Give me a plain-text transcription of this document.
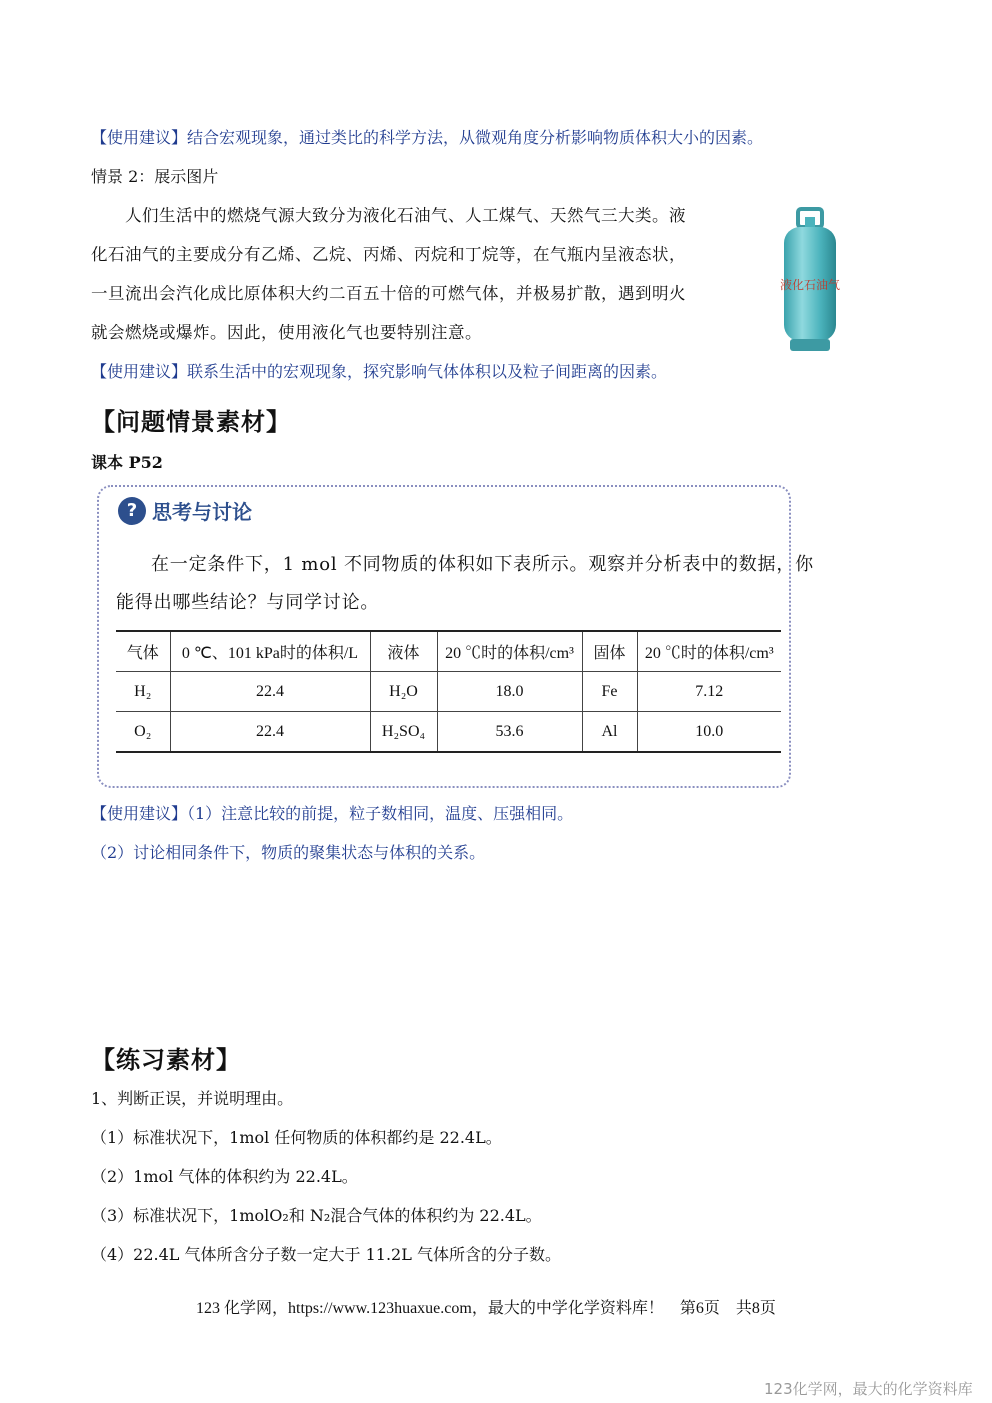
【使用建议】结合宏观现象，通过类比的科学方法，从微观角度分析影响物质体积大小的因素。
情景 2：展示图片
人们生活中的燃烧气源大致分为液化石油气、人工煤气、天然气三大类。液
化石油气的主要成分有乙烯、乙烷、丙烯、丙烷和丁烷等，在气瓶内呈液态状，
一旦流出会汽化成比原体积大约二百五十倍的可燃气体，并极易扩散，遇到明火
就会燃烧或爆炸。因此，使用液化气也要特别注意。
液化石油气
【使用建议】联系生活中的宏观现象，探究影响气体体积以及粒子间距离的因素。
【问题情景素材】
课本 P52
? 思考与讨论
在一定条件下，1 mol 不同物质的体积如下表所示。观察并分析表中的数据，你
能得出哪些结论？与同学讨论。
气体	0 ℃、101 kPa时的体积/L	液体	20 ℃时的体积/cm³	固体	20 ℃时的体积/cm³
H₂	22.4	H₂O	18.0	Fe	7.12
O₂	22.4	H₂SO₄	53.6	Al	10.0
【使用建议】（1）注意比较的前提，粒子数相同，温度、压强相同。
（2）讨论相同条件下，物质的聚集状态与体积的关系。
【练习素材】
1、判断正误，并说明理由。
（1）标准状况下，1mol 任何物质的体积都约是 22.4L。
（2）1mol 气体的体积约为 22.4L。
（3）标准状况下，1molO₂和 N₂混合气体的体积约为 22.4L。
（4）22.4L 气体所含分子数一定大于 11.2L 气体所含的分子数。
123 化学网，https://www.123huaxue.com，最大的中学化学资料库！　第6页　共8页
123化学网，最大的化学资料库
